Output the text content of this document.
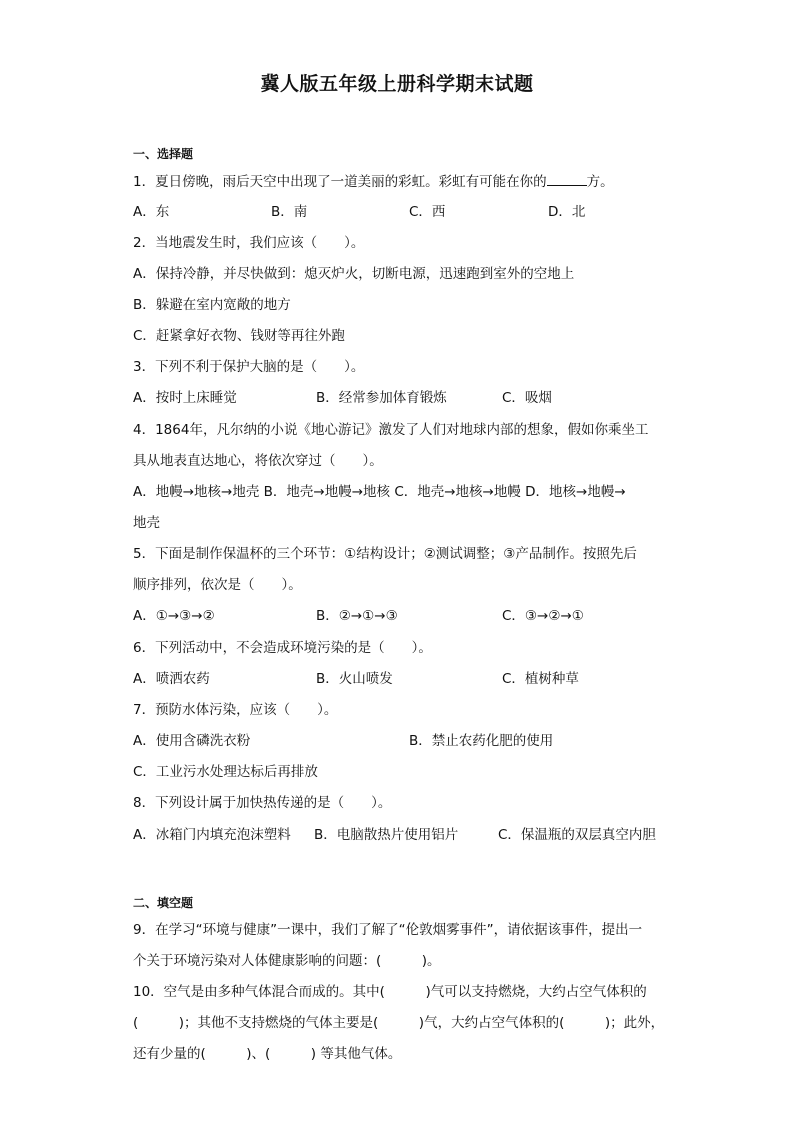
冀人版五年级上册科学期末试题
一、选择题
1．夏日傍晚，雨后天空中出现了一道美丽的彩虹。彩虹有可能在你的	方。
A．东	B．南	C．西	D．北
2．当地震发生时，我们应该（　　）。
A．保持冷静，并尽快做到：熄灭炉火，切断电源，迅速跑到室外的空地上
B．躲避在室内宽敞的地方
C．赶紧拿好衣物、钱财等再往外跑
3．下列不利于保护大脑的是（　　）。
A．按时上床睡觉	B．经常参加体育锻炼	C．吸烟
4．1864年，凡尔纳的小说《地心游记》激发了人们对地球内部的想象，假如你乘坐工
具从地表直达地心，将依次穿过（　　）。
A．地幔→地核→地壳 B．地壳→地幔→地核 C．地壳→地核→地幔 D．地核→地幔→
地壳
5．下面是制作保温杯的三个环节：①结构设计；②测试调整；③产品制作。按照先后
顺序排列，依次是（　　）。
A．①→③→②	B．②→①→③	C．③→②→①
6．下列活动中，不会造成环境污染的是（　　）。
A．喷洒农药	B．火山喷发	C．植树种草
7．预防水体污染，应该（　　）。
A．使用含磷洗衣粉	B．禁止农药化肥的使用
C．工业污水处理达标后再排放
8．下列设计属于加快热传递的是（　　）。
A．冰箱门内填充泡沫塑料 B．电脑散热片使用铝片	C．保温瓶的双层真空内胆
二、填空题
9．在学习“环境与健康”一课中，我们了解了“伦敦烟雾事件”，请依据该事件，提出一
个关于环境污染对人体健康影响的问题：(　　　)。
10．空气是由多种气体混合而成的。其中(　　　)气可以支持燃烧，大约占空气体积的
(　　　)；其他不支持燃烧的气体主要是(　　　)气，大约占空气体积的(　　　)；此外，
还有少量的(　　　)、(　　　) 等其他气体。
